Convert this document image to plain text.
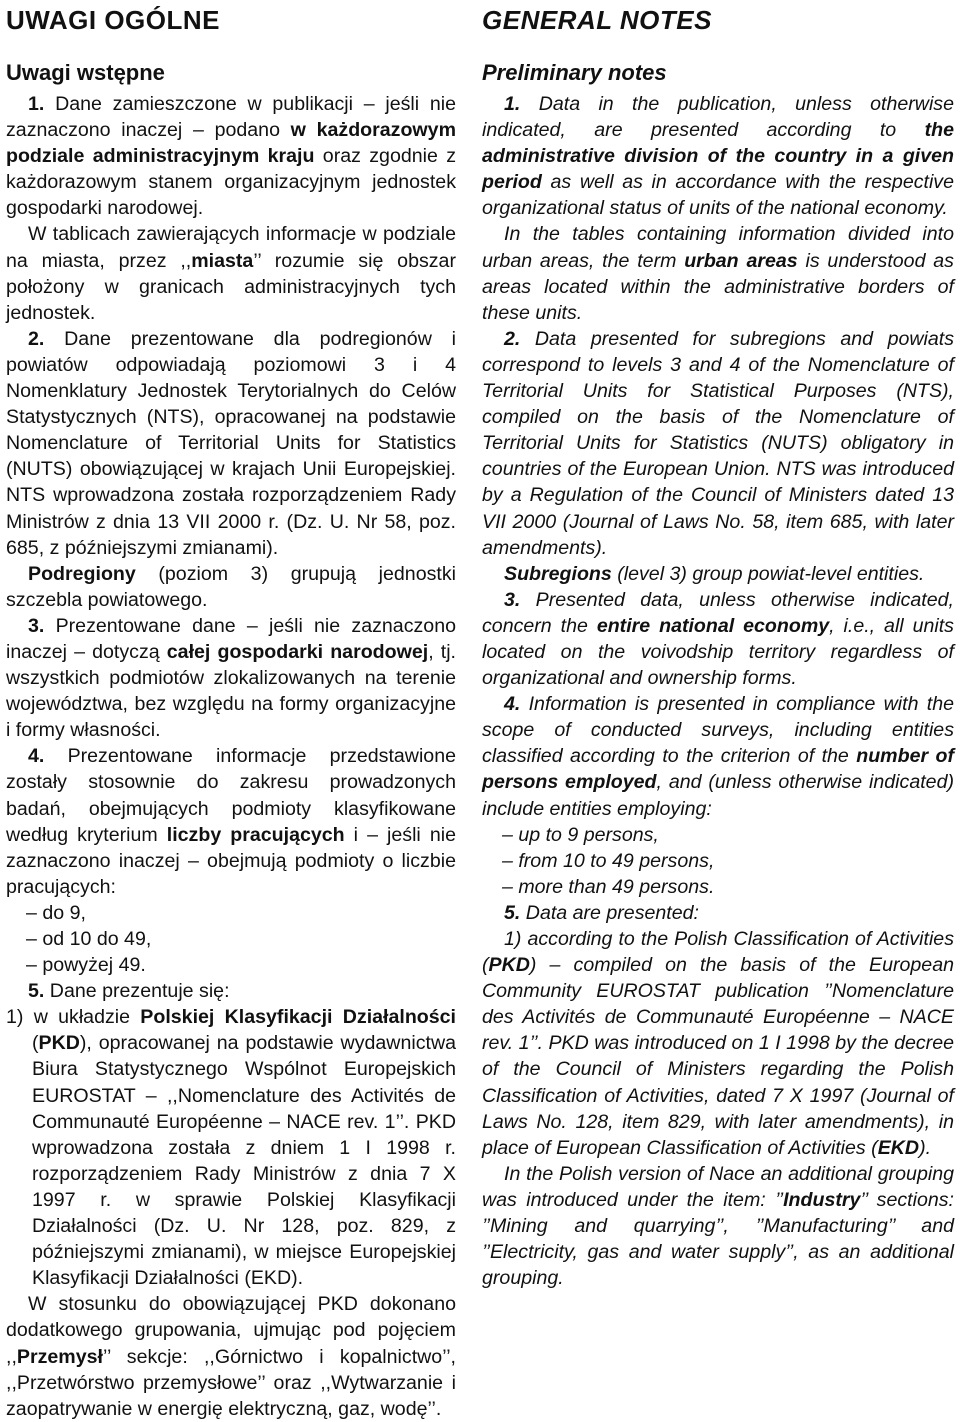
UWAGI OGÓLNE
Uwagi wstępne

1. Dane zamieszczone w publikacji – jeśli nie zaznaczono inaczej – podano w każdorazowym podziale administracyjnym kraju oraz zgodnie z każdorazowym stanem organizacyjnym jednostek gospodarki narodowej.

W tablicach zawierających informacje w podziale na miasta, przez ,,miasta’’ rozumie się obszar położony w granicach administracyjnych tych jednostek.

2. Dane prezentowane dla podregionów i powiatów odpowiadają poziomowi 3 i 4 Nomenklatury Jednostek Terytorialnych do Celów Statystycznych (NTS), opracowanej na podstawie Nomenclature of Territorial Units for Statistics (NUTS) obowiązującej w krajach Unii Europejskiej. NTS wprowadzona została rozporządzeniem Rady Ministrów z dnia 13 VII 2000 r. (Dz. U. Nr 58, poz. 685, z późniejszymi zmianami).

Podregiony (poziom 3) grupują jednostki szczebla powiatowego.

3. Prezentowane dane – jeśli nie zaznaczono inaczej – dotyczą całej gospodarki narodowej, tj. wszystkich podmiotów zlokalizowanych na terenie województwa, bez względu na formy organizacyjne i formy własności.

4. Prezentowane informacje przedstawione zostały stosownie do zakresu prowadzonych badań, obejmujących podmioty klasyfikowane według kryterium liczby pracujących i – jeśli nie zaznaczono inaczej – obejmują podmioty o liczbie pracujących:

– do 9,

– od 10 do 49,

– powyżej 49.

5. Dane prezentuje się:

1) w układzie Polskiej Klasyfikacji Działalności (PKD), opracowanej na podstawie wydawnictwa Biura Statystycznego Wspólnot Europejskich EUROSTAT – ,,Nomenclature des Activités de Communauté Européenne – NACE rev. 1’’. PKD wprowadzona została z dniem 1 I 1998 r. rozporządzeniem Rady Ministrów z dnia 7 X 1997 r. w sprawie Polskiej Klasyfikacji Działalności (Dz. U. Nr 128, poz. 829, z późniejszymi zmianami), w miejsce Europejskiej Klasyfikacji Działalności (EKD).

W stosunku do obowiązującej PKD dokonano dodatkowego grupowania, ujmując pod pojęciem ,,Przemysł’’ sekcje: ,,Górnictwo i kopalnictwo’’, ,,Przetwórstwo przemysłowe’’ oraz ,,Wytwarzanie i zaopatrywanie w energię elektryczną, gaz, wodę’’.

GENERAL NOTES
Preliminary notes

1. Data in the publication, unless otherwise indicated, are presented according to the administrative division of the country in a given period as well as in accordance with the respective organizational status of units of the national economy.

In the tables containing information divided into urban areas, the term urban areas is understood as areas located within the administrative borders of these units.

2. Data presented for subregions and powiats correspond to levels 3 and 4 of the Nomenclature of Territorial Units for Statistical Purposes (NTS), compiled on the basis of the Nomenclature of Territorial Units for Statistics (NUTS) obligatory in countries of the European Union. NTS was introduced by a Regulation of the Council of Ministers dated 13 VII 2000 (Journal of Laws No. 58, item 685, with later amendments).

Subregions (level 3) group powiat-level entities.

3. Presented data, unless otherwise indicated, concern the entire national economy, i.e., all units located on the voivodship territory regardless of organizational and ownership forms.

4. Information is presented in compliance with the scope of conducted surveys, including entities classified according to the criterion of the number of persons employed, and (unless otherwise indicated) include entities employing:

– up to 9 persons,

– from 10 to 49 persons,

– more than 49 persons.

5. Data are presented:

1) according to the Polish Classification of Activities (PKD) – compiled on the basis of the European Community EUROSTAT publication ’’Nomenclature des Activités de Communauté Européenne – NACE rev. 1’’. PKD was introduced on 1 I 1998 by the decree of the Council of Ministers regarding the Polish Classification of Activities, dated 7 X 1997 (Journal of Laws No. 128, item 829, with later amendments), in place of European Classification of Activities (EKD).

In the Polish version of Nace an additional grouping was introduced under the item: ’’Industry’’ sections: ’’Mining and quarrying’’, ’’Manufacturing’’ and ’’Electricity, gas and water supply’’, as an additional grouping.
